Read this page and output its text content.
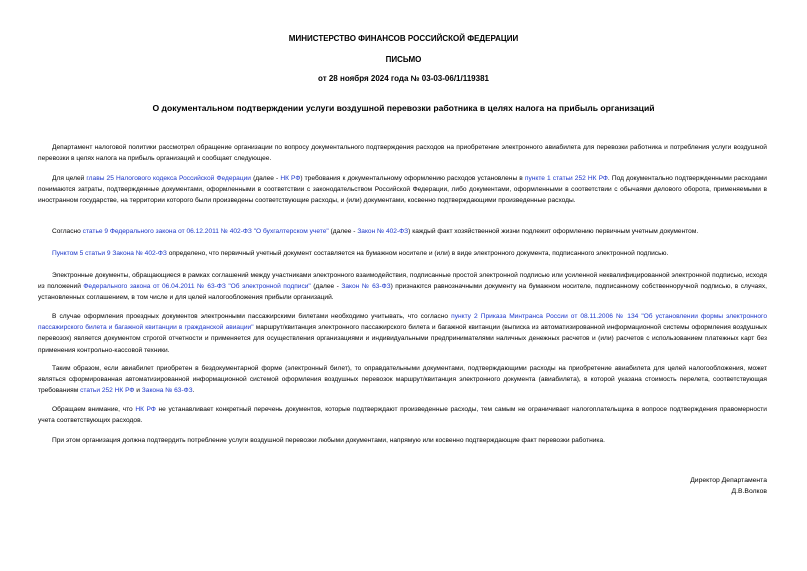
МИНИСТЕРСТВО ФИНАНСОВ РОССИЙСКОЙ ФЕДЕРАЦИИ
ПИСЬМО
от 28 ноября 2024 года № 03-03-06/1/119381
О документальном подтверждении услуги воздушной перевозки работника в целях налога на прибыль организаций
Департамент налоговой политики рассмотрел обращение организации по вопросу документального подтверждения расходов на приобретение электронного авиабилета для перевозки работника и потребления услуги воздушной перевозки в целях налога на прибыль организаций и сообщает следующее.
Для целей главы 25 Налогового кодекса Российской Федерации (далее - НК РФ) требования к документальному оформлению расходов установлены в пункте 1 статьи 252 НК РФ. Под документально подтвержденными расходами понимаются затраты, подтвержденные документами, оформленными в соответствии с законодательством Российской Федерации, либо документами, оформленными в соответствии с обычаями делового оборота, применяемыми в иностранном государстве, на территории которого были произведены соответствующие расходы, и (или) документами, косвенно подтверждающими произведенные расходы.
Согласно статье 9 Федерального закона от 06.12.2011 № 402-ФЗ "О бухгалтерском учете" (далее - Закон № 402-ФЗ) каждый факт хозяйственной жизни подлежит оформлению первичным учетным документом.
Пунктом 5 статьи 9 Закона № 402-ФЗ определено, что первичный учетный документ составляется на бумажном носителе и (или) в виде электронного документа, подписанного электронной подписью.
Электронные документы, обращающиеся в рамках соглашений между участниками электронного взаимодействия, подписанные простой электронной подписью или усиленной неквалифицированной электронной подписью, исходя из положений Федерального закона от 06.04.2011 № 63-ФЗ "Об электронной подписи" (далее - Закон № 63-ФЗ) признаются равнозначными документу на бумажном носителе, подписанному собственноручной подписью, в случаях, установленных соглашением, в том числе и для целей налогообложения прибыли организаций.
В случае оформления проездных документов электронными пассажирскими билетами необходимо учитывать, что согласно пункту 2 Приказа Минтранса России от 08.11.2006 № 134 "Об установлении формы электронного пассажирского билета и багажной квитанции в гражданской авиации" маршрут/квитанция электронного пассажирского билета и багажной квитанции (выписка из автоматизированной информационной системы оформления воздушных перевозок) является документом строгой отчетности и применяется для осуществления организациями и индивидуальными предпринимателями наличных денежных расчетов и (или) расчетов с использованием платежных карт без применения контрольно-кассовой техники.
Таким образом, если авиабилет приобретен в бездокументарной форме (электронный билет), то оправдательными документами, подтверждающими расходы на приобретение авиабилета для целей налогообложения, может являться сформированная автоматизированной информационной системой оформления воздушных перевозок маршрут/квитанция электронного документа (авиабилета), в которой указана стоимость перелета, соответствующая требованиям статьи 252 НК РФ и Закона № 63-ФЗ.
Обращаем внимание, что НК РФ не устанавливает конкретный перечень документов, которые подтверждают произведенные расходы, тем самым не ограничивает налогоплательщика в вопросе подтверждения правомерности учета соответствующих расходов.
При этом организация должна подтвердить потребление услуги воздушной перевозки любыми документами, напрямую или косвенно подтверждающие факт перевозки работника.
Директор Департамента
Д.В.Волков
